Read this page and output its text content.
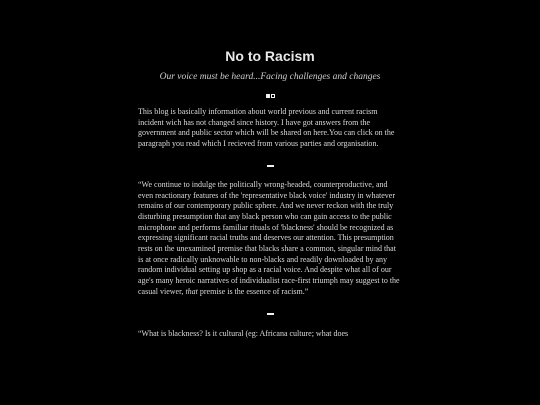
No to Racism
Our voice must be heard...Facing challenges and changes

This blog is basically information about world previous and current racism incident wich has not changed since history. I have got answers from the government and public sector which will be shared on here.You can click on the paragraph you read which I recieved from various parties and organisation.

“We continue to indulge the politically wrong-headed, counterproductive, and even reactionary features of the 'representative black voice' industry in whatever remains of our contemporary public sphere. And we never reckon with the truly disturbing presumption that any black person who can gain access to the public microphone and performs familiar rituals of 'blackness' should be recognized as expressing significant racial truths and deserves our attention. This presumption rests on the unexamined premise that blacks share a common, singular mind that is at once radically unknowable to non-blacks and readily downloaded by any random individual setting up shop as a racial voice. And despite what all of our age's many heroic narratives of individualist race-first triumph may suggest to the casual viewer, that premise is the essence of racism.”

“What is blackness? Is it cultural (eg: Africana culture; what does
